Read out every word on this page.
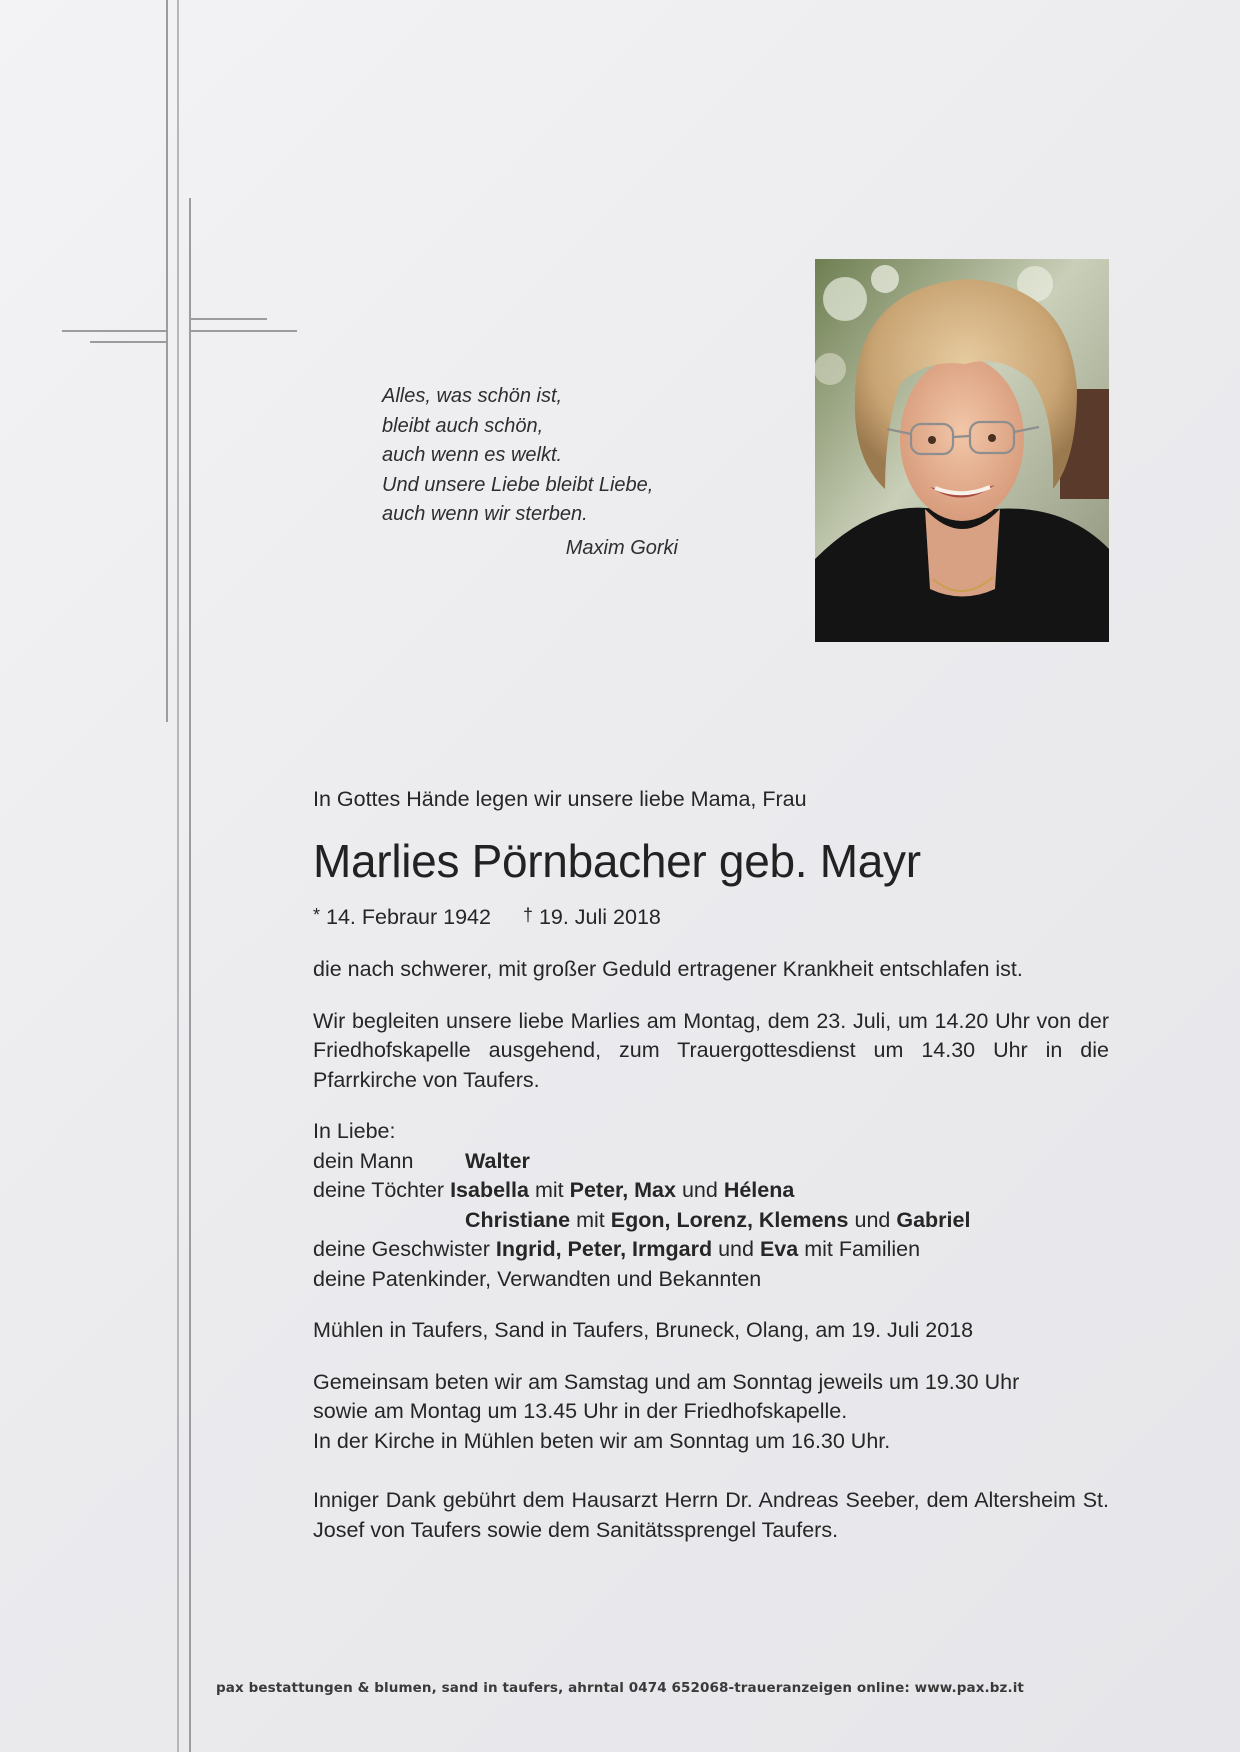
Alles, was schön ist,
bleibt auch schön,
auch wenn es welkt.
Und unsere Liebe bleibt Liebe,
auch wenn wir sterben.
Maxim Gorki

In Gottes Hände legen wir unsere liebe Mama, Frau

Marlies Pörnbacher geb. Mayr

* 14. Febraur 1942 † 19. Juli 2018

die nach schwerer, mit großer Geduld ertragener Krankheit entschlafen ist.

Wir begleiten unsere liebe Marlies am Montag, dem 23. Juli, um 14.20 Uhr von der Friedhofskapelle ausgehend, zum Trauergottesdienst um 14.30 Uhr in die Pfarrkirche von Taufers.

In Liebe:
dein Mann Walter
deine Töchter Isabella mit Peter, Max und Hélena
Christiane mit Egon, Lorenz, Klemens und Gabriel
deine Geschwister Ingrid, Peter, Irmgard und Eva mit Familien
deine Patenkinder, Verwandten und Bekannten

Mühlen in Taufers, Sand in Taufers, Bruneck, Olang, am 19. Juli 2018

Gemeinsam beten wir am Samstag und am Sonntag jeweils um 19.30 Uhr
sowie am Montag um 13.45 Uhr in der Friedhofskapelle.
In der Kirche in Mühlen beten wir am Sonntag um 16.30 Uhr.

Inniger Dank gebührt dem Hausarzt Herrn Dr. Andreas Seeber, dem Altersheim St. Josef von Taufers sowie dem Sanitätssprengel Taufers.

pax bestattungen & blumen, sand in taufers, ahrntal 0474 652068-traueranzeigen online: www.pax.bz.it
